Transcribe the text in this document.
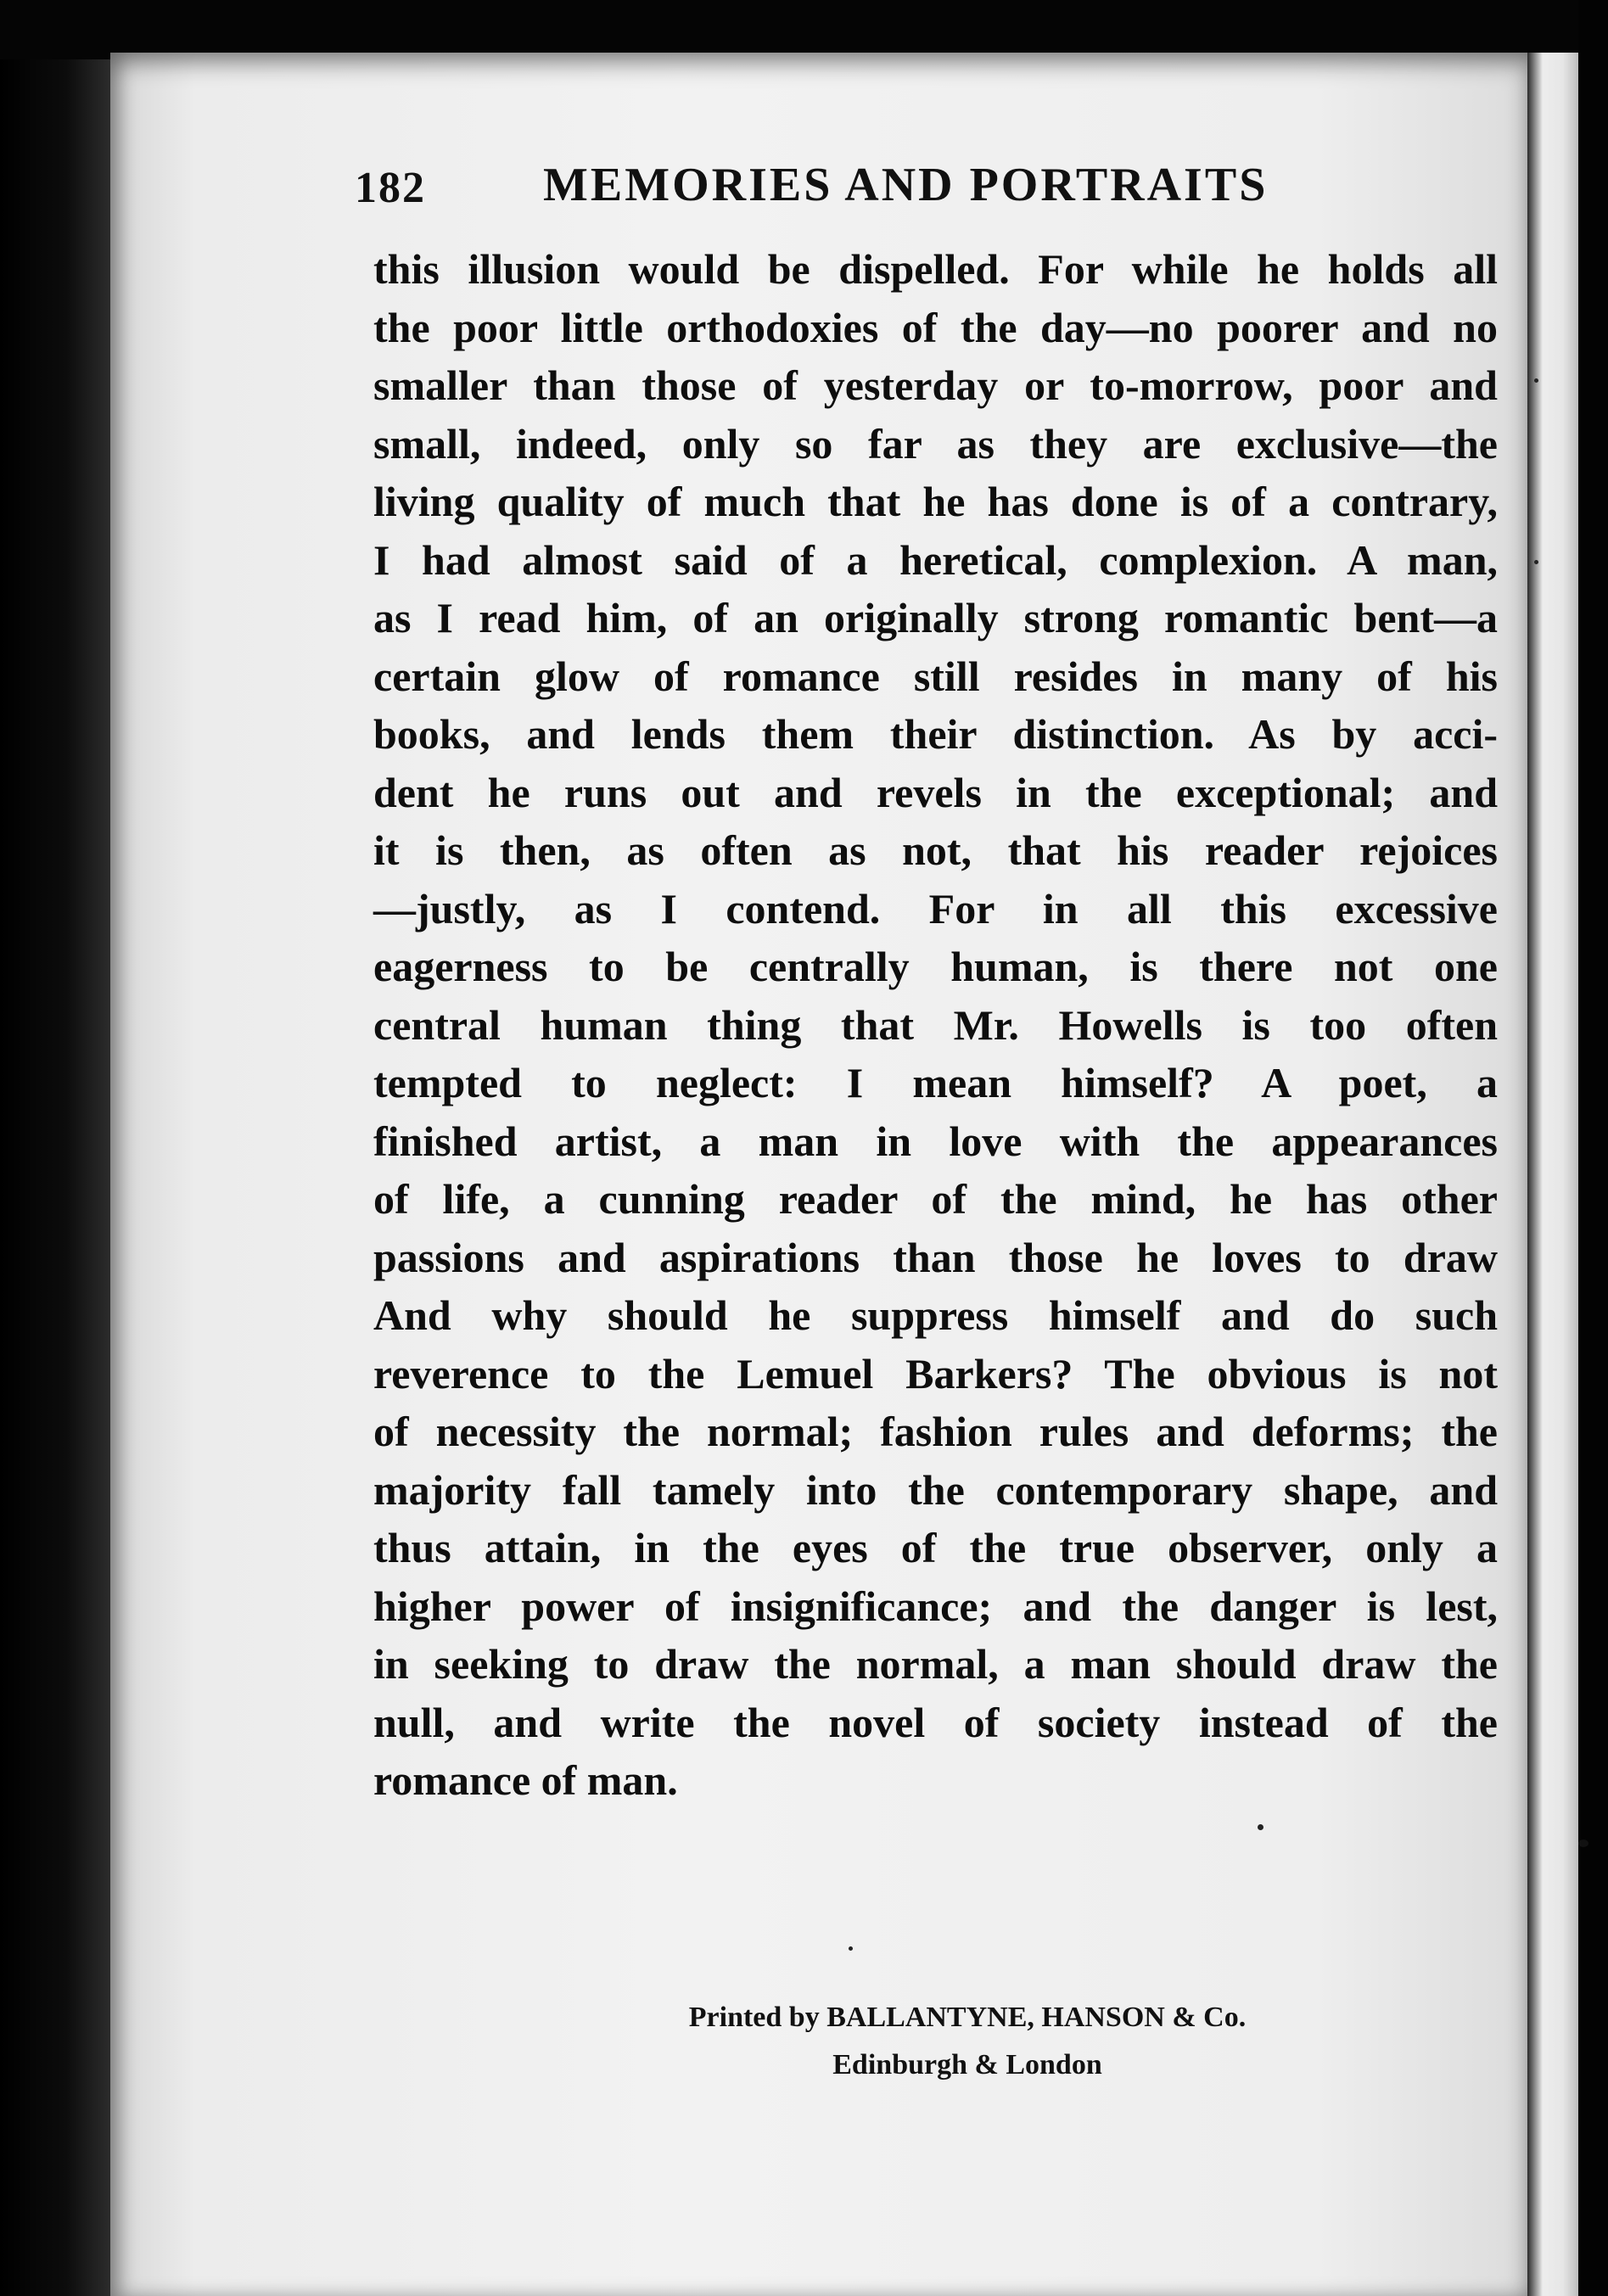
182 MEMORIES AND PORTRAITS
this illusion would be dispelled. For while he holds all
the poor little orthodoxies of the day—no poorer and no
smaller than those of yesterday or to-morrow, poor and
small, indeed, only so far as they are exclusive—the
living quality of much that he has done is of a contrary,
I had almost said of a heretical, complexion. A man,
as I read him, of an originally strong romantic bent—a
certain glow of romance still resides in many of his
books, and lends them their distinction. As by acci-
dent he runs out and revels in the exceptional; and
it is then, as often as not, that his reader rejoices
—justly, as I contend. For in all this excessive
eagerness to be centrally human, is there not one
central human thing that Mr. Howells is too often
tempted to neglect: I mean himself? A poet, a
finished artist, a man in love with the appearances
of life, a cunning reader of the mind, he has other
passions and aspirations than those he loves to draw
And why should he suppress himself and do such
reverence to the Lemuel Barkers? The obvious is not
of necessity the normal; fashion rules and deforms; the
majority fall tamely into the contemporary shape, and
thus attain, in the eyes of the true observer, only a
higher power of insignificance; and the danger is lest,
in seeking to draw the normal, a man should draw the
null, and write the novel of society instead of the
romance of man.
Printed by BALLANTYNE, HANSON & Co.
Edinburgh & London
